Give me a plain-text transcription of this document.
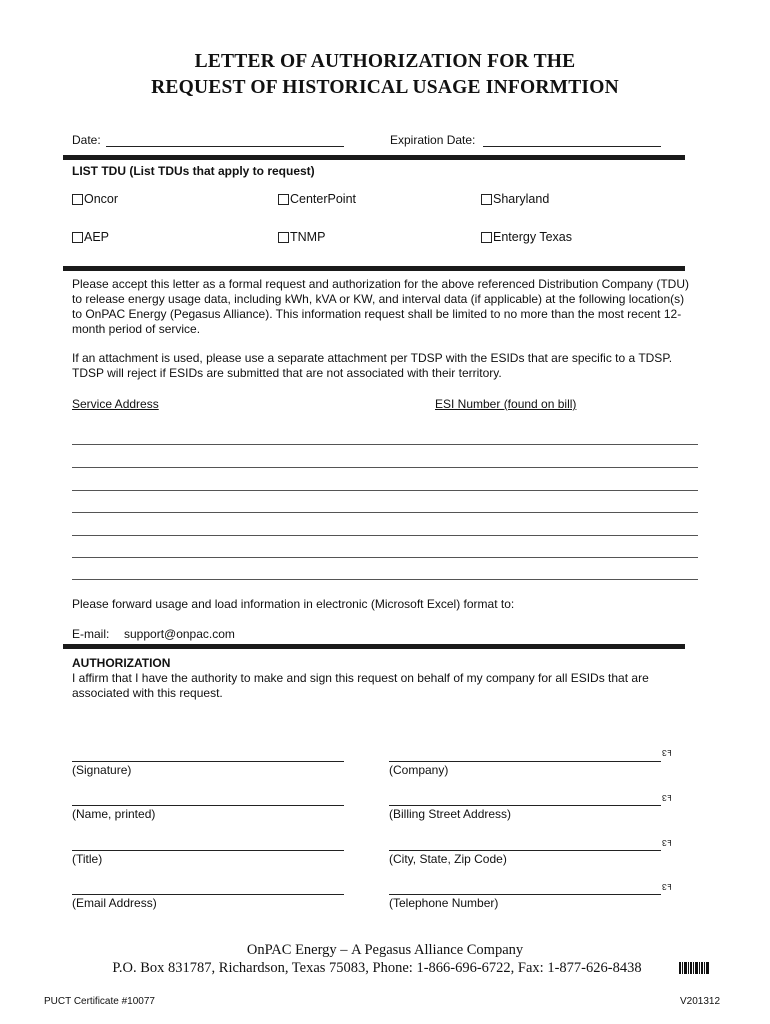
LETTER OF AUTHORIZATION FOR THE
REQUEST OF HISTORICAL USAGE INFORMTION
Date:	Expiration Date:
LIST TDU (List TDUs that apply to request)
Oncor	CenterPoint	Sharyland
AEP	TNMP	Entergy Texas
Please accept this letter as a formal request and authorization for the above referenced Distribution Company (TDU) to release energy usage data, including kWh, kVA or KW, and interval data (if applicable) at the following location(s) to OnPAC Energy (Pegasus Alliance). This information request shall be limited to no more than the most recent 12-month period of service.
If an attachment is used, please use a separate attachment per TDSP with the ESIDs that are specific to a TDSP. TDSP will reject if ESIDs are submitted that are not associated with their territory.
Service Address	ESI Number (found on bill)
Please forward usage and load information in electronic (Microsoft Excel) format to:
E-mail: support@onpac.com
AUTHORIZATION
I affirm that I have the authority to make and sign this request on behalf of my company for all ESIDs that are associated with this request.
ƐℲ
(Signature)	(Company)
ƐℲ
(Name, printed)	(Billing Street Address)
ƐℲ
(Title)	(City, State, Zip Code)
ƐℲ
(Email Address)	(Telephone Number)
OnPAC Energy – A Pegasus Alliance Company
P.O. Box 831787, Richardson, Texas 75083, Phone: 1-866-696-6722, Fax: 1-877-626-8438
PUCT Certificate #10077	V201312
